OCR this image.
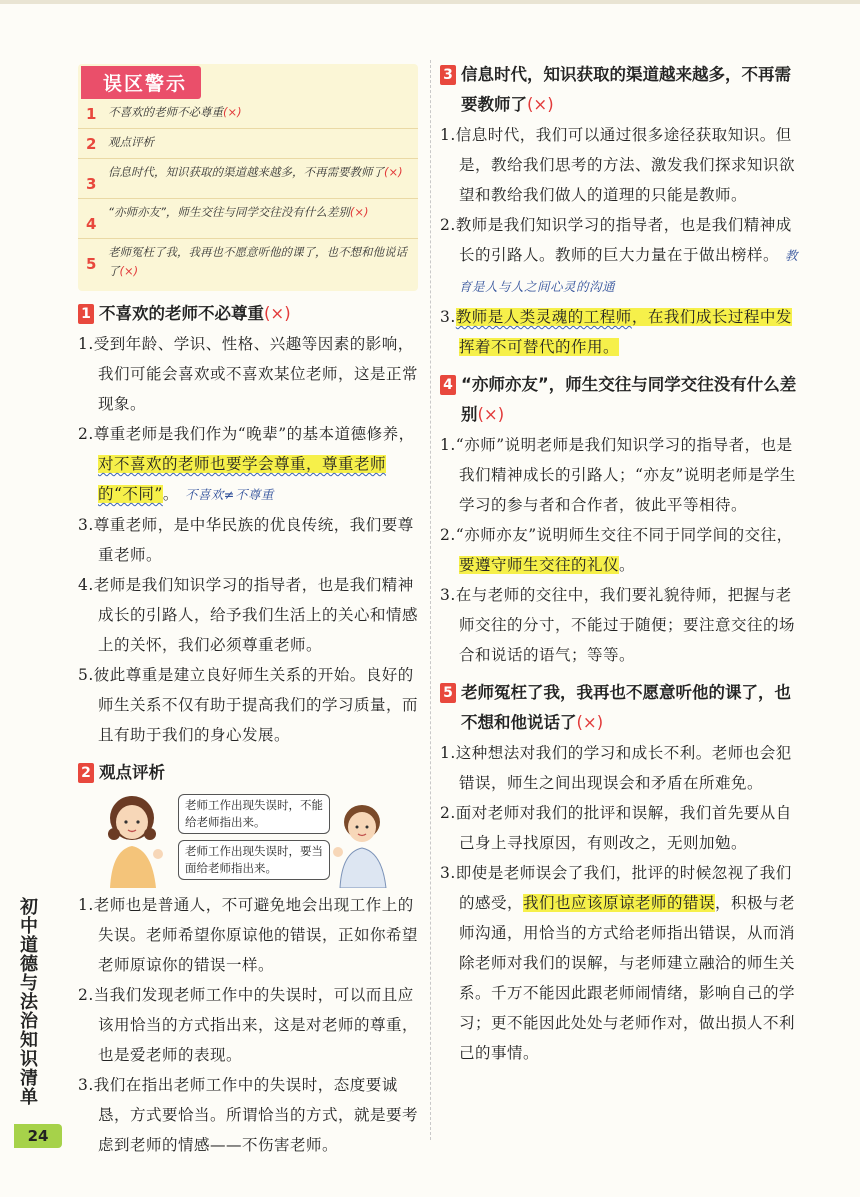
误区警示
1	不喜欢的老师不必尊重(×)
2	观点评析
3
信息时代，知识获取的渠道越来越多，不再需要教师了(×)
4
“亦师亦友”，师生交往与同学交往没有什么差别(×)
5
老师冤枉了我，我再也不愿意听他的课了，也不想和他说话了(×)
1 不喜欢的老师不必尊重(×)
1.受到年龄、学识、性格、兴趣等因素的影响，我们可能会喜欢或不喜欢某位老师，这是正常现象。
2.尊重老师是我们作为“晚辈”的基本道德修养，对不喜欢的老师也要学会尊重，尊重老师的“不同”。 不喜欢≠不尊重
3.尊重老师，是中华民族的优良传统，我们要尊重老师。
4.老师是我们知识学习的指导者，也是我们精神成长的引路人，给予我们生活上的关心和情感上的关怀，我们必须尊重老师。
5.彼此尊重是建立良好师生关系的开始。良好的师生关系不仅有助于提高我们的学习质量，而且有助于我们的身心发展。
2 观点评析
老师工作出现失误时，不能给老师指出来。
老师工作出现失误时，要当面给老师指出来。
1.老师也是普通人，不可避免地会出现工作上的失误。老师希望你原谅他的错误，正如你希望老师原谅你的错误一样。
2.当我们发现老师工作中的失误时，可以而且应该用恰当的方式指出来，这是对老师的尊重，也是爱老师的表现。
3.我们在指出老师工作中的失误时，态度要诚恳，方式要恰当。所谓恰当的方式，就是要考虑到老师的情感——不伤害老师。
3 信息时代，知识获取的渠道越来越多，不再需要教师了(×)
1.信息时代，我们可以通过很多途径获取知识。但是，教给我们思考的方法、激发我们探求知识欲望和教给我们做人的道理的只能是教师。
2.教师是我们知识学习的指导者，也是我们精神成长的引路人。教师的巨大力量在于做出榜样。 教育是人与人之间心灵的沟通
3.教师是人类灵魂的工程师，在我们成长过程中发挥着不可替代的作用。
4 “亦师亦友”，师生交往与同学交往没有什么差别(×)
1.“亦师”说明老师是我们知识学习的指导者，也是我们精神成长的引路人；“亦友”说明老师是学生学习的参与者和合作者，彼此平等相待。
2.“亦师亦友”说明师生交往不同于同学间的交往，要遵守师生交往的礼仪。
3.在与老师的交往中，我们要礼貌待师，把握与老师交往的分寸，不能过于随便；要注意交往的场合和说话的语气；等等。
5 老师冤枉了我，我再也不愿意听他的课了，也不想和他说话了(×)
1.这种想法对我们的学习和成长不利。老师也会犯错误，师生之间出现误会和矛盾在所难免。
2.面对老师对我们的批评和误解，我们首先要从自己身上寻找原因，有则改之，无则加勉。
3.即使是老师误会了我们，批评的时候忽视了我们的感受，我们也应该原谅老师的错误，积极与老师沟通，用恰当的方式给老师指出错误，从而消除老师对我们的误解，与老师建立融洽的师生关系。千万不能因此跟老师闹情绪，影响自己的学习；更不能因此处处与老师作对，做出损人不利己的事情。
初中道德与法治知识清单
24
